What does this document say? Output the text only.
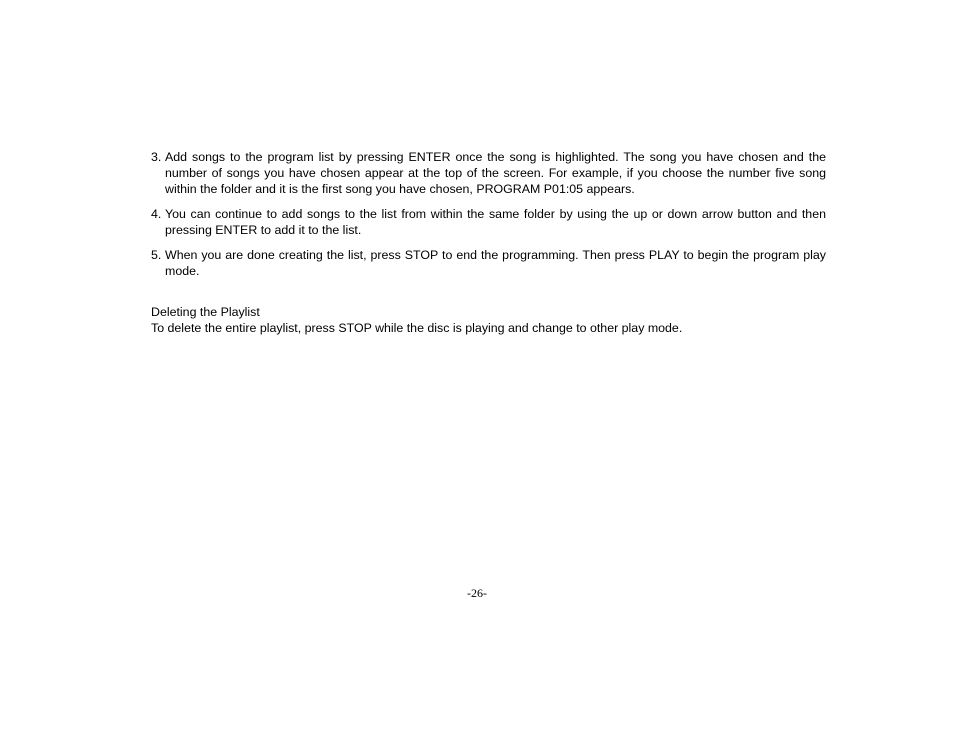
3. Add songs to the program list by pressing ENTER once the song is highlighted. The song you have chosen and the number of songs you have chosen appear at the top of the screen. For example, if you choose the number five song within the folder and it is the first song you have chosen, PROGRAM P01:05 appears.
4. You can continue to add songs to the list from within the same folder by using the up or down arrow button and then pressing ENTER to add it to the list.
5. When you are done creating the list, press STOP to end the programming. Then press PLAY to begin the program play mode.
Deleting the Playlist
To delete the entire playlist, press STOP while the disc is playing and change to other play mode.
-26-
